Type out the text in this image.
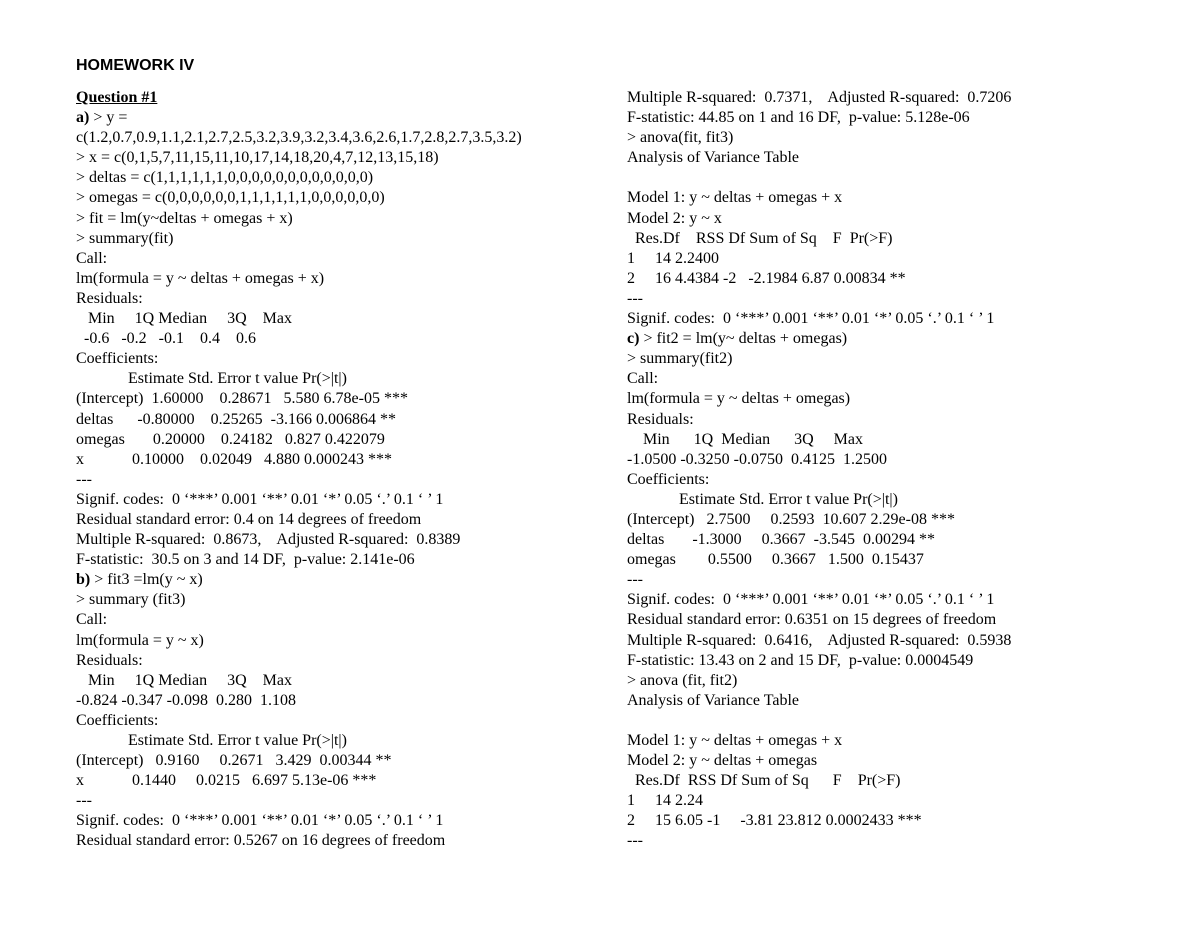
HOMEWORK IV
Question #1
a) > y =
c(1.2,0.7,0.9,1.1,2.1,2.7,2.5,3.2,3.9,3.2,3.4,3.6,2.6,1.7,2.8,2.7,3.5,3.2)
> x = c(0,1,5,7,11,15,11,10,17,14,18,20,4,7,12,13,15,18)
> deltas = c(1,1,1,1,1,1,0,0,0,0,0,0,0,0,0,0,0,0)
> omegas = c(0,0,0,0,0,0,1,1,1,1,1,1,0,0,0,0,0,0)
> fit = lm(y~deltas + omegas + x)
> summary(fit)
Call:
lm(formula = y ~ deltas + omegas + x)
Residuals:
Min     1Q Median     3Q    Max
-0.6   -0.2   -0.1    0.4    0.6
Coefficients:
Estimate Std. Error t value Pr(>|t|)
(Intercept)  1.60000    0.28671   5.580 6.78e-05 ***
deltas      -0.80000    0.25265  -3.166 0.006864 **
omegas       0.20000    0.24182   0.827 0.422079
x            0.10000    0.02049   4.880 0.000243 ***
---
Signif. codes:  0 ‘***’ 0.001 ‘**’ 0.01 ‘*’ 0.05 ‘.’ 0.1 ‘ ’ 1
Residual standard error: 0.4 on 14 degrees of freedom
Multiple R-squared:  0.8673,    Adjusted R-squared:  0.8389
F-statistic:  30.5 on 3 and 14 DF,  p-value: 2.141e-06
b) > fit3 =lm(y ~ x)
> summary (fit3)
Call:
lm(formula = y ~ x)
Residuals:
Min     1Q Median     3Q    Max
-0.824 -0.347 -0.098  0.280  1.108
Coefficients:
Estimate Std. Error t value Pr(>|t|)
(Intercept)   0.9160     0.2671   3.429  0.00344 **
x            0.1440     0.0215   6.697 5.13e-06 ***
---
Signif. codes:  0 ‘***’ 0.001 ‘**’ 0.01 ‘*’ 0.05 ‘.’ 0.1 ‘ ’ 1
Residual standard error: 0.5267 on 16 degrees of freedom
Multiple R-squared:  0.7371,    Adjusted R-squared:  0.7206
F-statistic: 44.85 on 1 and 16 DF,  p-value: 5.128e-06
> anova(fit, fit3)
Analysis of Variance Table
Model 1: y ~ deltas + omegas + x
Model 2: y ~ x
Res.Df    RSS Df Sum of Sq    F  Pr(>F)
1     14 2.2400
2     16 4.4384 -2   -2.1984 6.87 0.00834 **
---
Signif. codes:  0 ‘***’ 0.001 ‘**’ 0.01 ‘*’ 0.05 ‘.’ 0.1 ‘ ’ 1
c) > fit2 = lm(y~ deltas + omegas)
> summary(fit2)
Call:
lm(formula = y ~ deltas + omegas)
Residuals:
Min      1Q  Median      3Q     Max
-1.0500 -0.3250 -0.0750  0.4125  1.2500
Coefficients:
Estimate Std. Error t value Pr(>|t|)
(Intercept)   2.7500     0.2593  10.607 2.29e-08 ***
deltas       -1.3000     0.3667  -3.545  0.00294 **
omegas        0.5500     0.3667   1.500  0.15437
---
Signif. codes:  0 ‘***’ 0.001 ‘**’ 0.01 ‘*’ 0.05 ‘.’ 0.1 ‘ ’ 1
Residual standard error: 0.6351 on 15 degrees of freedom
Multiple R-squared:  0.6416,    Adjusted R-squared:  0.5938
F-statistic: 13.43 on 2 and 15 DF,  p-value: 0.0004549
> anova (fit, fit2)
Analysis of Variance Table
Model 1: y ~ deltas + omegas + x
Model 2: y ~ deltas + omegas
Res.Df  RSS Df Sum of Sq      F    Pr(>F)
1     14 2.24
2     15 6.05 -1     -3.81 23.812 0.0002433 ***
---
